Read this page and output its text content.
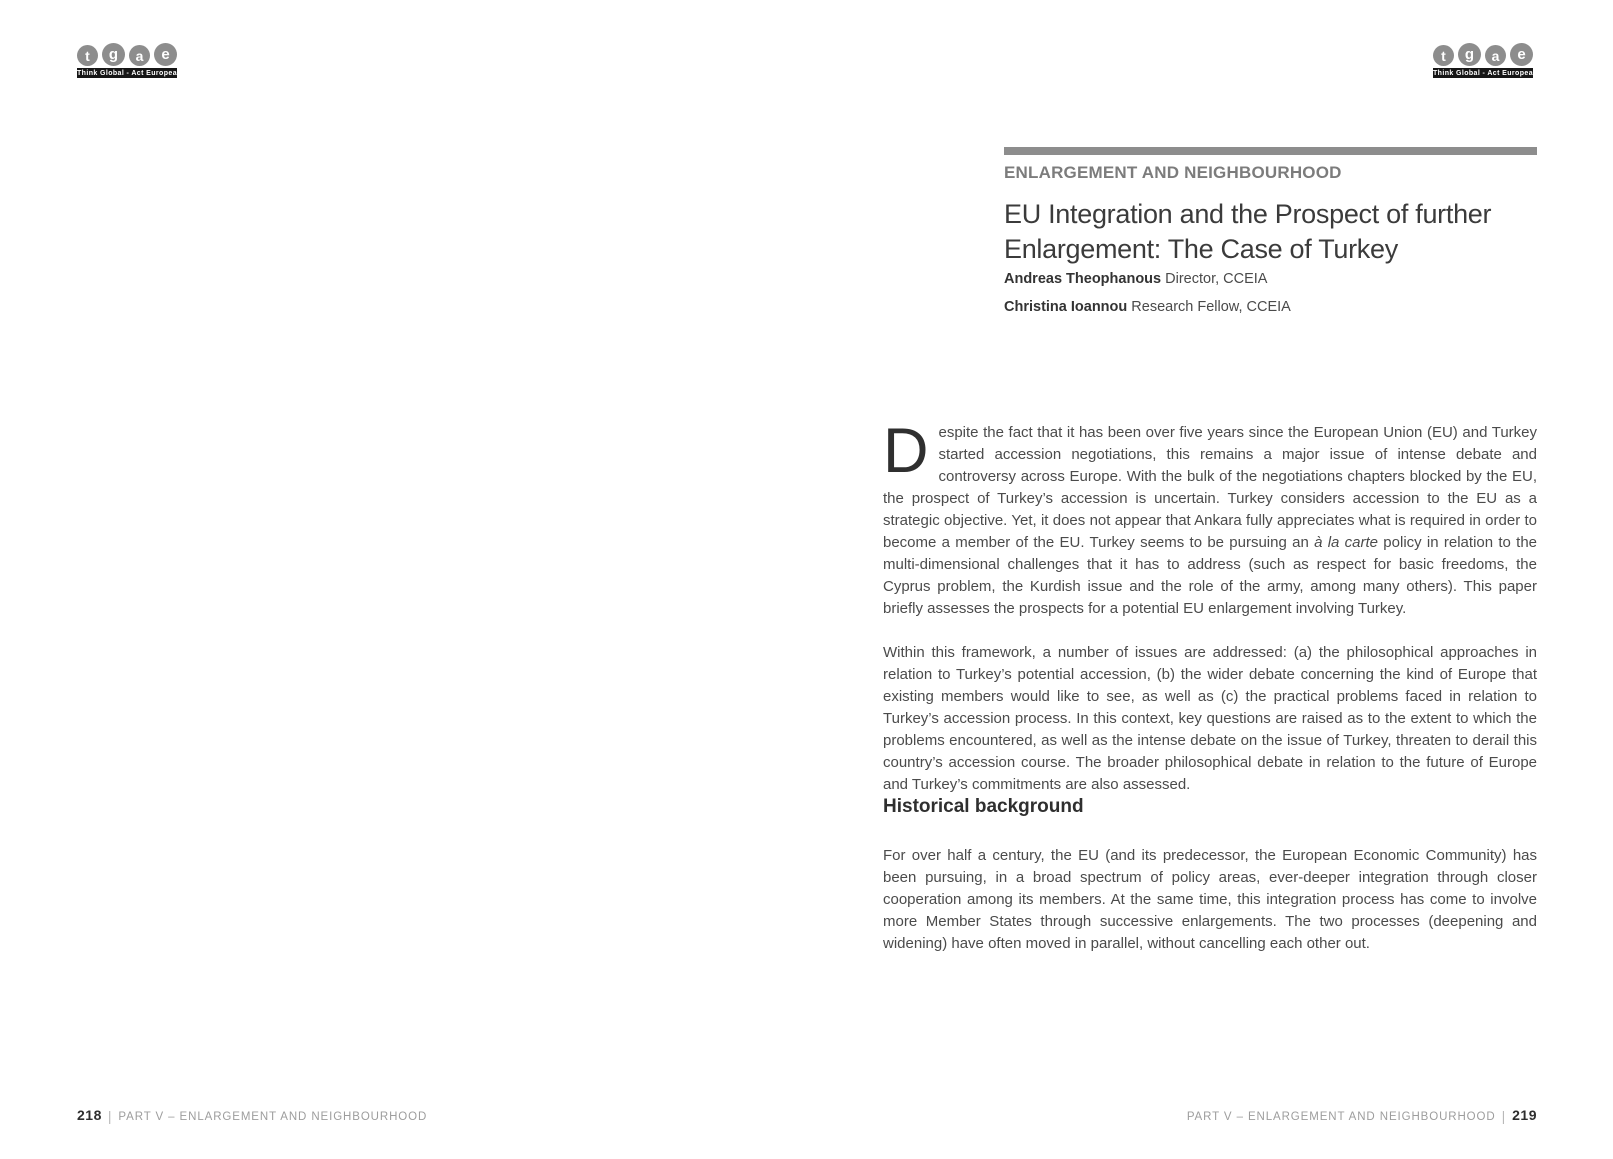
t	g	a	e
Think Global - Act European
t	g	a	e
Think Global - Act European
ENLARGEMENT AND NEIGHBOURHOOD
EU Integration and the Prospect of further
Enlargement: The Case of Turkey
Andreas Theophanous Director, CCEIA
Christina Ioannou Research Fellow, CCEIA

Despite the fact that it has been over five years since the European Union (EU) and Turkey started accession negotiations, this remains a major issue of intense debate and controversy across Europe. With the bulk of the negotiations chapters blocked by the EU, the prospect of Turkey’s accession is uncertain. Turkey considers accession to the EU as a strategic objective. Yet, it does not appear that Ankara fully appreciates what is required in order to become a member of the EU. Turkey seems to be pursuing an à la carte policy in relation to the multi-dimensional challenges that it has to address (such as respect for basic freedoms, the Cyprus problem, the Kurdish issue and the role of the army, among many others). This paper briefly assesses the prospects for a potential EU enlargement involving Turkey.

Within this framework, a number of issues are addressed: (a) the philosophical approaches in relation to Turkey’s potential accession, (b) the wider debate concerning the kind of Europe that existing members would like to see, as well as (c) the practical problems faced in relation to Turkey’s accession process. In this context, key questions are raised as to the extent to which the problems encountered, as well as the intense debate on the issue of Turkey, threaten to derail this country’s accession course. The broader philosophical debate in relation to the future of Europe and Turkey’s commitments are also assessed.

Historical background

For over half a century, the EU (and its predecessor, the European Economic Community) has been pursuing, in a broad spectrum of policy areas, ever-deeper integration through closer cooperation among its members. At the same time, this integration process has come to involve more Member States through successive enlargements. The two processes (deepening and widening) have often moved in parallel, without cancelling each other out.

218 | PART V – ENLARGEMENT AND NEIGHBOURHOOD	PART V – ENLARGEMENT AND NEIGHBOURHOOD | 219
